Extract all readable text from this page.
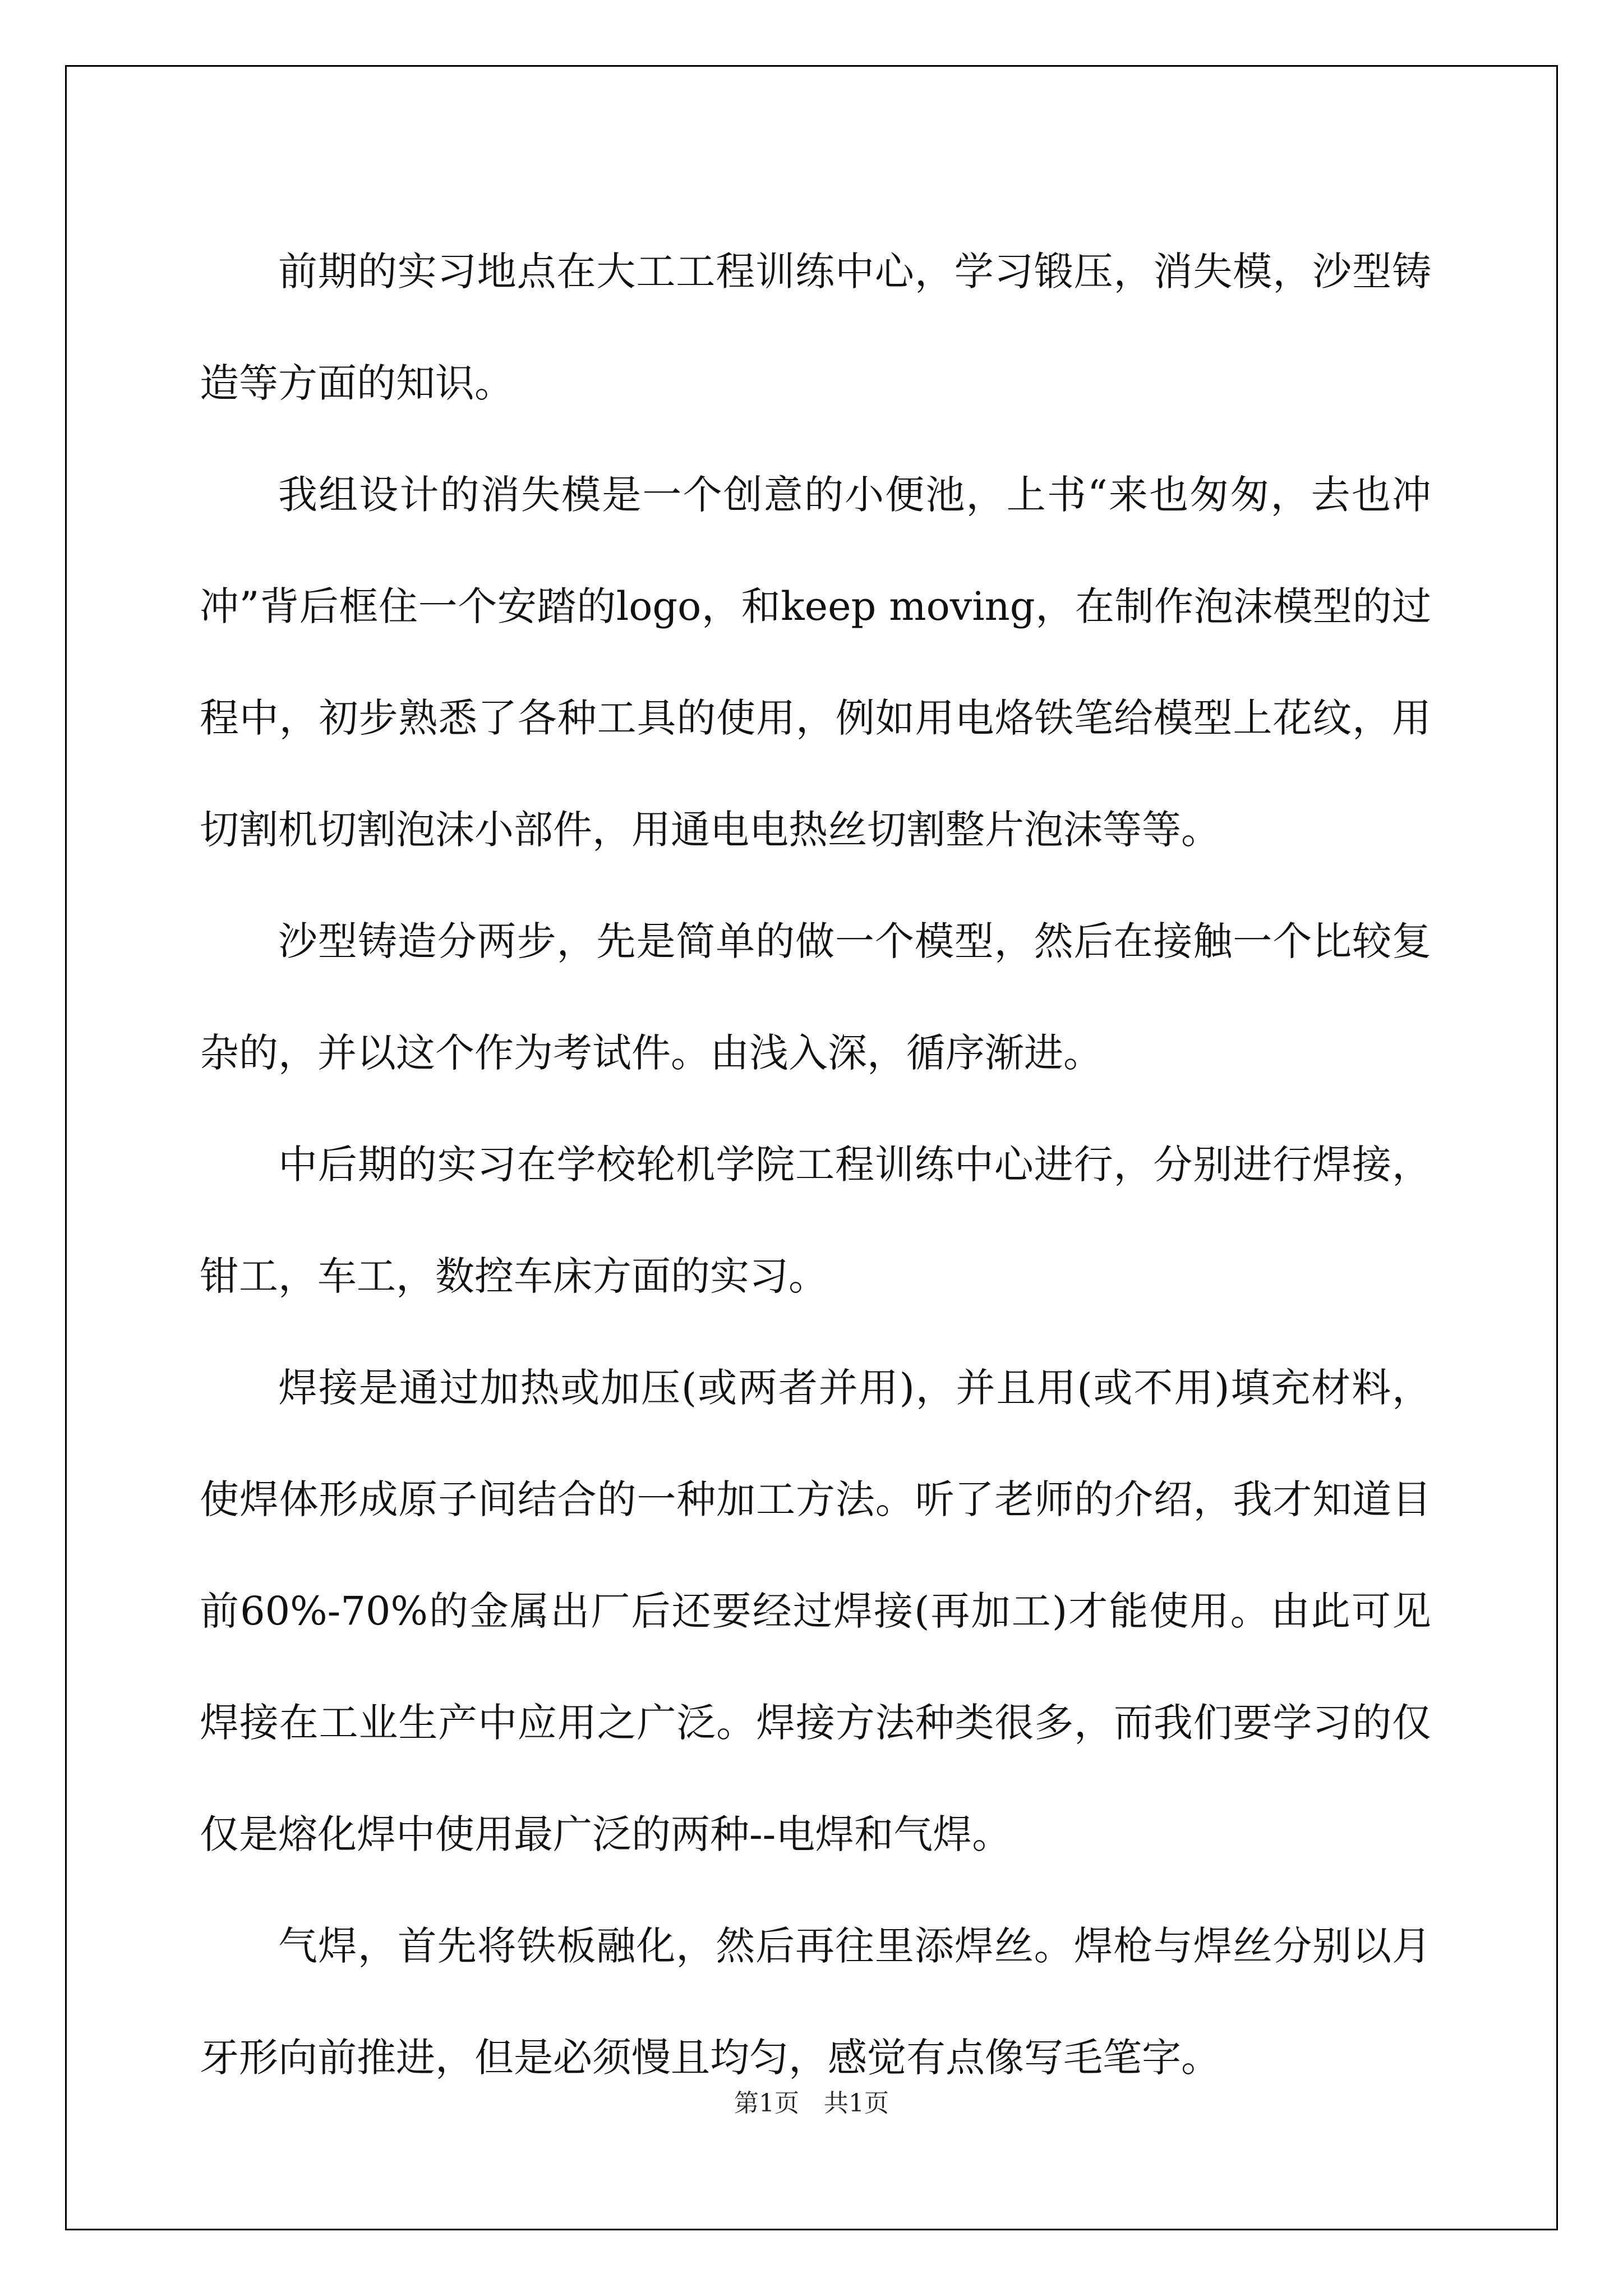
前期的实习地点在大工工程训练中心，学习锻压，消失模，沙型铸造等方面的知识。

我组设计的消失模是一个创意的小便池，上书“来也匆匆，去也冲冲”背后框住一个安踏的logo，和keep moving，在制作泡沫模型的过程中，初步熟悉了各种工具的使用，例如用电烙铁笔给模型上花纹，用切割机切割泡沫小部件，用通电电热丝切割整片泡沫等等。

沙型铸造分两步，先是简单的做一个模型，然后在接触一个比较复杂的，并以这个作为考试件。由浅入深，循序渐进。

中后期的实习在学校轮机学院工程训练中心进行，分别进行焊接，钳工，车工，数控车床方面的实习。

焊接是通过加热或加压(或两者并用)，并且用(或不用)填充材料，使焊体形成原子间结合的一种加工方法。听了老师的介绍，我才知道目前60%-70%的金属出厂后还要经过焊接(再加工)才能使用。由此可见焊接在工业生产中应用之广泛。焊接方法种类很多，而我们要学习的仅仅是熔化焊中使用最广泛的两种--电焊和气焊。

气焊，首先将铁板融化，然后再往里添焊丝。焊枪与焊丝分别以月牙形向前推进，但是必须慢且均匀，感觉有点像写毛笔字。

第1页 共1页
